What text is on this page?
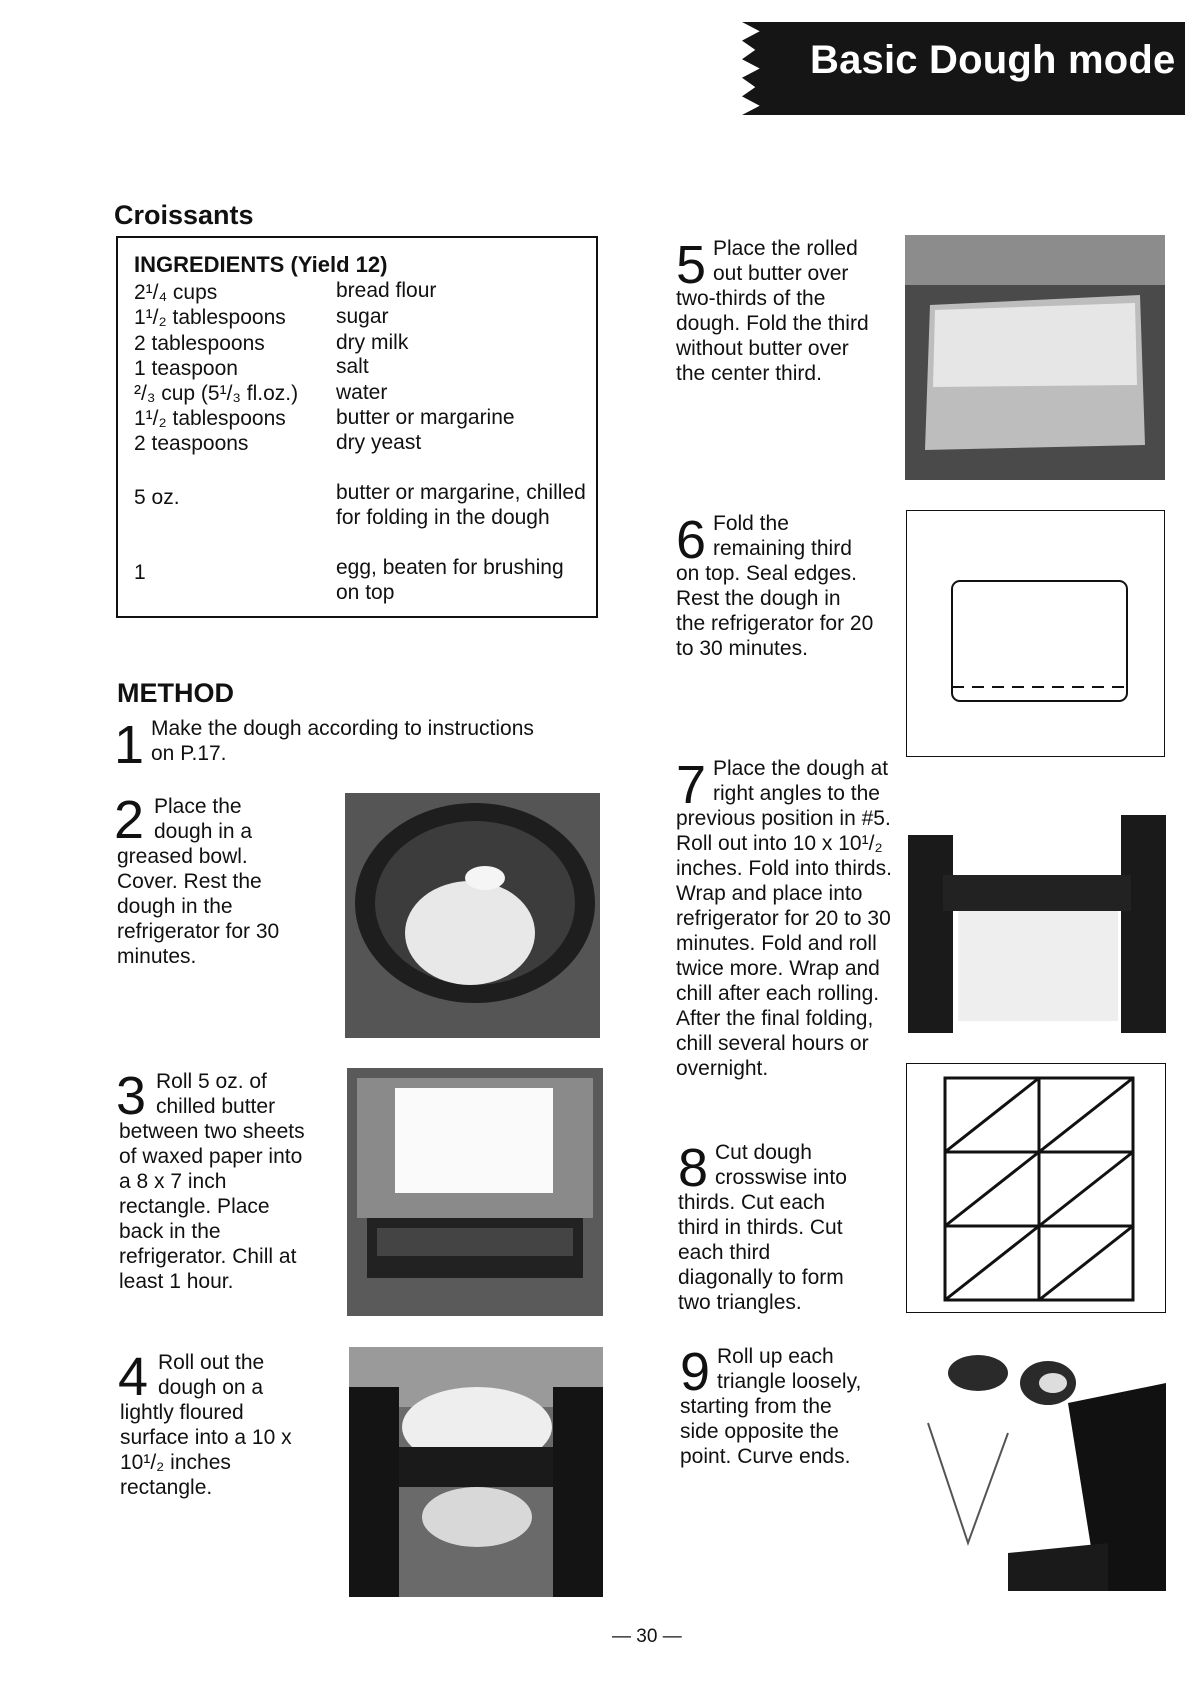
Basic Dough mode
Croissants
INGREDIENTS (Yield 12)
2¹/₄ cups	bread flour
1¹/₂ tablespoons	sugar
2 tablespoons	dry milk
1 teaspoon	salt
²/₃ cup (5¹/₃ fl.oz.)	water
1¹/₂ tablespoons	butter or margarine
2 teaspoons	dry yeast
5 oz.	butter or margarine, chilled for folding in the dough
1	egg, beaten for brushing on top
METHOD
1 Make the dough according to instructions
on P.17.
2 Place the
dough in a
greased bowl. Cover. Rest the dough in the refrigerator for 30 minutes.
3 Roll 5 oz. of
chilled butter
between two sheets of waxed paper into a 8 x 7 inch rectangle. Place back in the refrigerator. Chill at least 1 hour.
4 Roll out the
dough on a
lightly floured surface into a 10 x 10¹/₂ inches rectangle.
5 Place the rolled
out butter over
two-thirds of the dough. Fold the third without butter over the center third.
6 Fold the
remaining third
on top. Seal edges. Rest the dough in the refrigerator for 20 to 30 minutes.
7 Place the dough at
right angles to the
previous position in #5. Roll out into 10 x 10¹/₂ inches. Fold into thirds. Wrap and place into refrigerator for 20 to 30 minutes. Fold and roll twice more. Wrap and chill after each rolling. After the final folding, chill several hours or overnight.
8 Cut dough
crosswise into
thirds. Cut each third in thirds. Cut each third diagonally to form two triangles.
9 Roll up each
triangle loosely,
starting from the side opposite the point. Curve ends.
— 30 —
